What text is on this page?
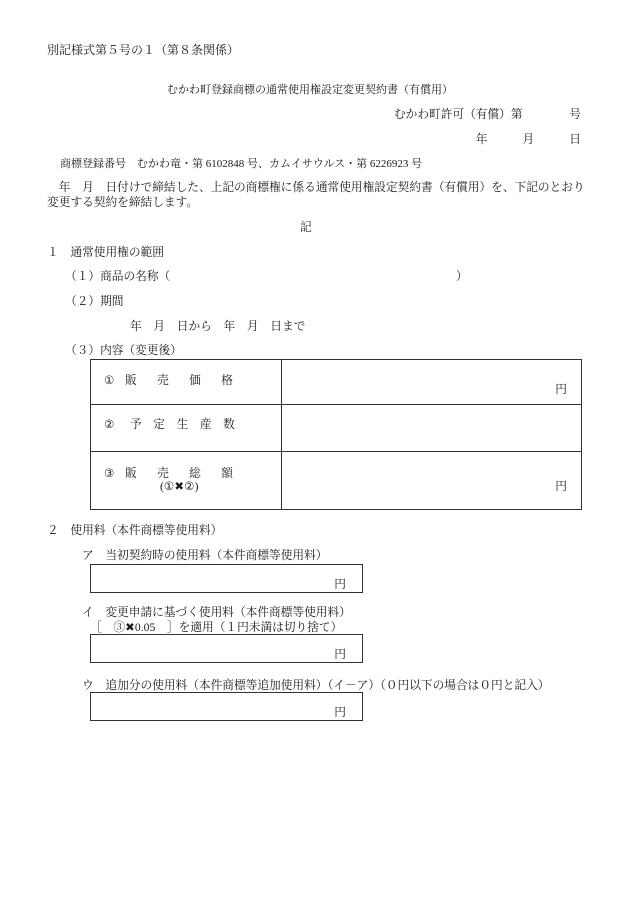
別記様式第５号の１（第８条関係）
むかわ町登録商標の通常使用権設定変更契約書（有償用）
むかわ町許可（有償）第　　　　号
年　　　月　　　日
商標登録番号　むかわ竜・第 6102848 号、カムイサウルス・第 6226923 号
　年　月　日付けで締結した、上記の商標権に係る通常使用権設定契約書（有償用）を、下記のとおり
変更する契約を締結します。
記
１　通常使用権の範囲
（１）商品の名称（	）
（２）期間
年　月　日から　年　月　日まで
（３）内容（変更後）
① 販売価格
円
② 予定生産数
③ 販売総額
(①✖②)	円
２　使用料（本件商標等使用料）
ア　当初契約時の使用料（本件商標等使用料）
円
イ　変更申請に基づく使用料（本件商標等使用料）
［　③✖0.05　］を適用（１円未満は切り捨て）
円
ウ　追加分の使用料（本件商標等追加使用料）（イ－ア）（０円以下の場合は０円と記入）
円
